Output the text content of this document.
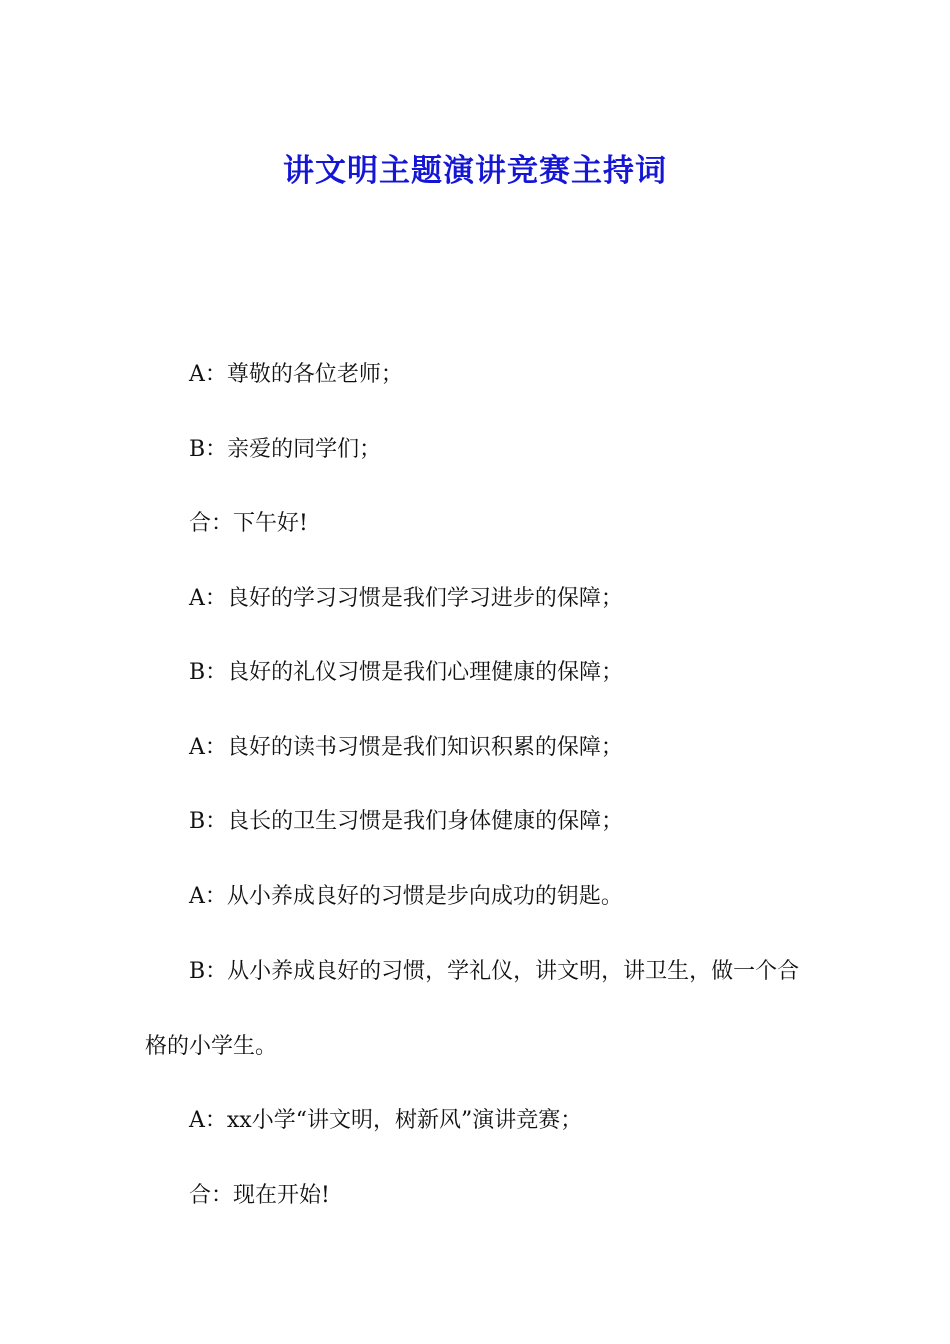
讲文明主题演讲竞赛主持词

A：尊敬的各位老师；

B：亲爱的同学们；

合：下午好!

A：良好的学习习惯是我们学习进步的保障；

B：良好的礼仪习惯是我们心理健康的保障；

A：良好的读书习惯是我们知识积累的保障；

B：良长的卫生习惯是我们身体健康的保障；

A：从小养成良好的习惯是步向成功的钥匙。

B：从小养成良好的习惯，学礼仪，讲文明，讲卫生，做一个合格的小学生。

A：xx小学“讲文明，树新风”演讲竞赛；

合：现在开始!
